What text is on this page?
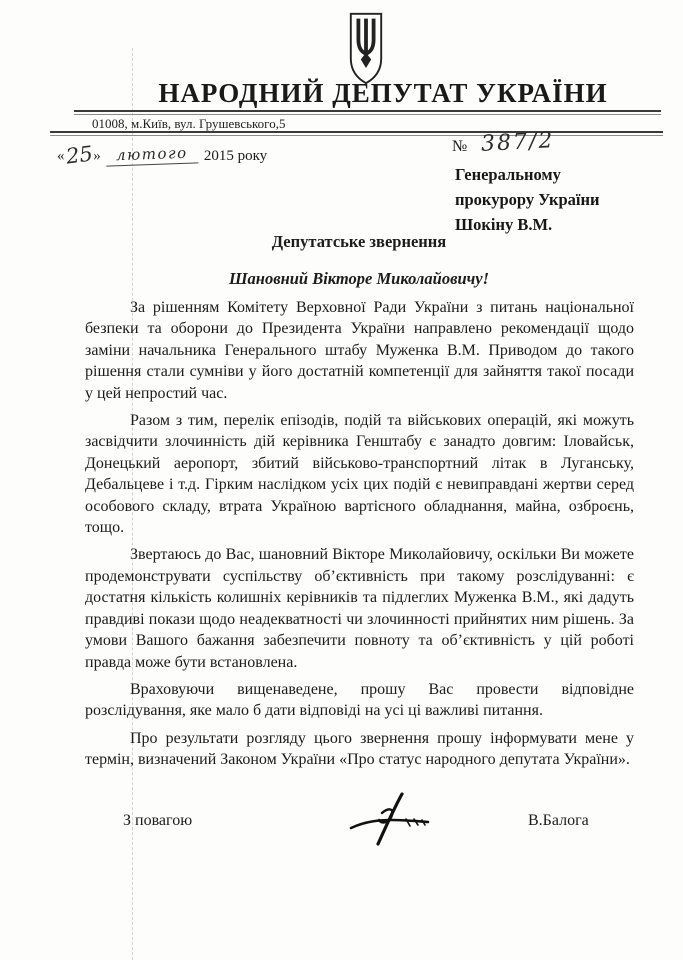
НАРОДНИЙ ДЕПУТАТ УКРАЇНИ
01008, м.Київ, вул. Грушевського,5
«25» лютого 2015 року
№ 387/2
Генеральному
прокурору України
Шокіну В.М.
Депутатське звернення
Шановний Вікторе Миколайовичу!

За рішенням Комітету Верховної Ради України з питань національної безпеки та оборони до Президента України направлено рекомендації щодо заміни начальника Генерального штабу Муженка В.М. Приводом до такого рішення стали сумніви у його достатній компетенції для зайняття такої посади у цей непростий час.

Разом з тим, перелік епізодів, подій та військових операцій, які можуть засвідчити злочинність дій керівника Генштабу є занадто довгим: Іловайськ, Донецький аеропорт, збитий військово-транспортний літак в Луганську, Дебальцеве і т.д. Гірким наслідком усіх цих подій є невиправдані жертви серед особового складу, втрата Україною вартісного обладнання, майна, озброєнь, тощо.

Звертаюсь до Вас, шановний Вікторе Миколайовичу, оскільки Ви можете продемонструвати суспільству об’єктивність при такому розслідуванні: є достатня кількість колишніх керівників та підлеглих Муженка В.М., які дадуть правдиві покази щодо неадекватності чи злочинності прийнятих ним рішень. За умови Вашого бажання забезпечити повноту та об’єктивність у цій роботі правда може бути встановлена.

Враховуючи вищенаведене, прошу Вас провести відповідне розслідування, яке мало б дати відповіді на усі ці важливі питання.

Про результати розгляду цього звернення прошу інформувати мене у термін, визначений Законом України «Про статус народного депутата України».

З повагою	В.Балога
